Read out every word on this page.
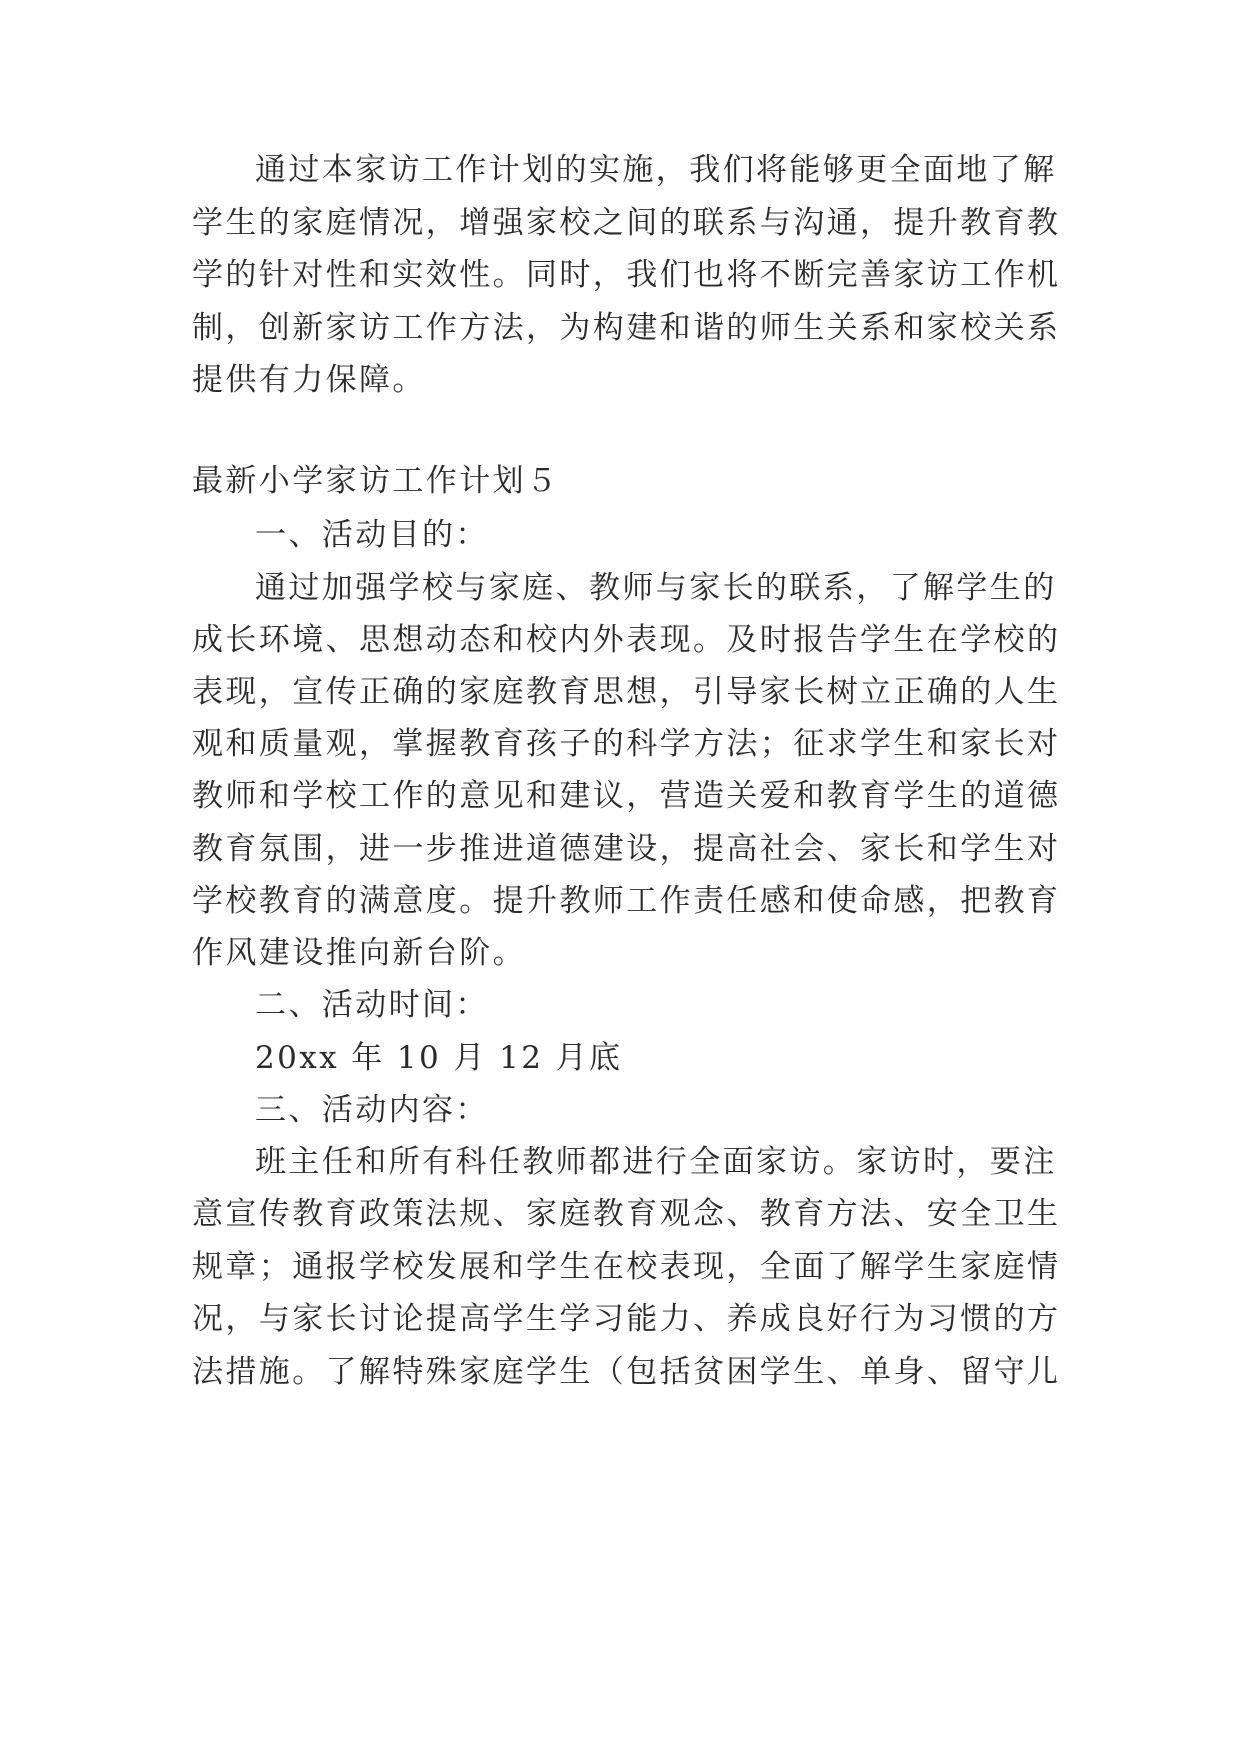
通过本家访工作计划的实施，我们将能够更全面地了解
学生的家庭情况，增强家校之间的联系与沟通，提升教育教
学的针对性和实效性。同时，我们也将不断完善家访工作机
制，创新家访工作方法，为构建和谐的师生关系和家校关系
提供有力保障。
最新小学家访工作计划５
一、活动目的：
通过加强学校与家庭、教师与家长的联系，了解学生的
成长环境、思想动态和校内外表现。及时报告学生在学校的
表现，宣传正确的家庭教育思想，引导家长树立正确的人生
观和质量观，掌握教育孩子的科学方法；征求学生和家长对
教师和学校工作的意见和建议，营造关爱和教育学生的道德
教育氛围，进一步推进道德建设，提高社会、家长和学生对
学校教育的满意度。提升教师工作责任感和使命感，把教育
作风建设推向新台阶。
二、活动时间：
20xx 年 10 月 12 月底
三、活动内容：
班主任和所有科任教师都进行全面家访。家访时，要注
意宣传教育政策法规、家庭教育观念、教育方法、安全卫生
规章；通报学校发展和学生在校表现，全面了解学生家庭情
况，与家长讨论提高学生学习能力、养成良好行为习惯的方
法措施。了解特殊家庭学生（包括贫困学生、单身、留守儿
